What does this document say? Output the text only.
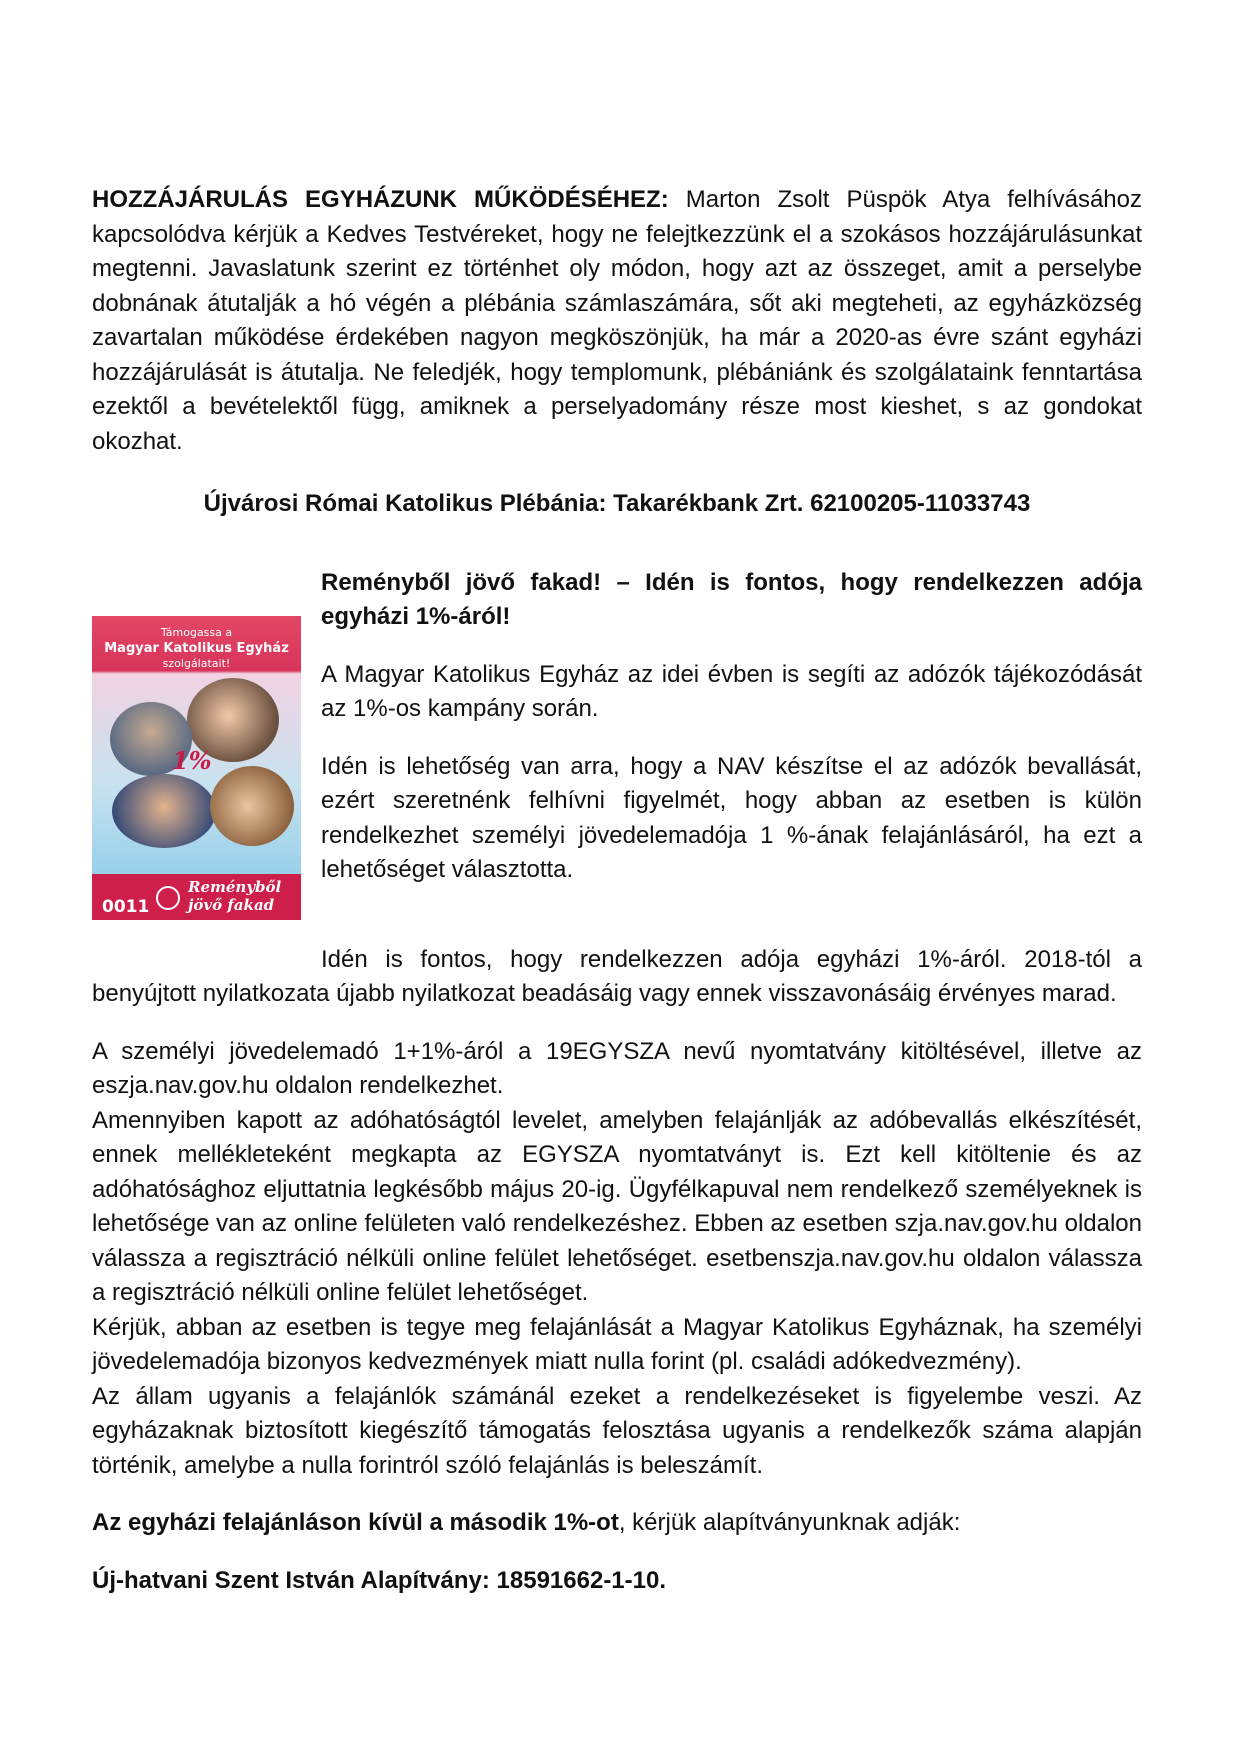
HOZZÁJÁRULÁS EGYHÁZUNK MŰKÖDÉSÉHEZ: Marton Zsolt Püspök Atya felhívásához kapcsolódva kérjük a Kedves Testvéreket, hogy ne felejtkezzünk el a szokásos hozzájárulásunkat megtenni. Javaslatunk szerint ez történhet oly módon, hogy azt az összeget, amit a perselybe dobnának átutalják a hó végén a plébánia számlaszámára, sőt aki megteheti, az egyházközség zavartalan működése érdekében nagyon megköszönjük, ha már a 2020-as évre szánt egyházi hozzájárulását is átutalja. Ne feledjék, hogy templomunk, plébániánk és szolgálataink fenntartása ezektől a bevételektől függ, amiknek a perselyadomány része most kieshet, s az gondokat okozhat.

Újvárosi Római Katolikus Plébánia: Takarékbank Zrt. 62100205-11033743

Támogassa a
Magyar Katolikus Egyház
szolgálatait!
1%
0011
Reményből
jövő fakad

Reményből jövő fakad! – Idén is fontos, hogy rendelkezzen adója egyházi 1%-áról!

A Magyar Katolikus Egyház az idei évben is segíti az adózók tájékozódását az 1%-os kampány során.

Idén is lehetőség van arra, hogy a NAV készítse el az adózók bevallását, ezért szeretnénk felhívni figyelmét, hogy abban az esetben is külön rendelkezhet személyi jövedelemadója 1 %-ának felajánlásáról, ha ezt a lehetőséget választotta.

Idén is fontos, hogy rendelkezzen adója egyházi 1%-áról. 2018-tól a benyújtott nyilatkozata újabb nyilatkozat beadásáig vagy ennek visszavonásáig érvényes marad.

A személyi jövedelemadó 1+1%-áról a 19EGYSZA nevű nyomtatvány kitöltésével, illetve az eszja.nav.gov.hu oldalon rendelkezhet.

Amennyiben kapott az adóhatóságtól levelet, amelyben felajánlják az adóbevallás elkészítését, ennek mellékleteként megkapta az EGYSZA nyomtatványt is. Ezt kell kitöltenie és az adóhatósághoz eljuttatnia legkésőbb május 20-ig. Ügyfélkapuval nem rendelkező személyeknek is lehetősége van az online felületen való rendelkezéshez. Ebben az esetben szja.nav.gov.hu oldalon válassza a regisztráció nélküli online felület lehetőséget. esetbenszja.nav.gov.hu oldalon válassza a regisztráció nélküli online felület lehetőséget.

Kérjük, abban az esetben is tegye meg felajánlását a Magyar Katolikus Egyháznak, ha személyi jövedelemadója bizonyos kedvezmények miatt nulla forint (pl. családi adókedvezmény).

Az állam ugyanis a felajánlók számánál ezeket a rendelkezéseket is figyelembe veszi. Az egyházaknak biztosított kiegészítő támogatás felosztása ugyanis a rendelkezők száma alapján történik, amelybe a nulla forintról szóló felajánlás is beleszámít.

Az egyházi felajánláson kívül a második 1%-ot, kérjük alapítványunknak adják:

Új-hatvani Szent István Alapítvány: 18591662-1-10.
